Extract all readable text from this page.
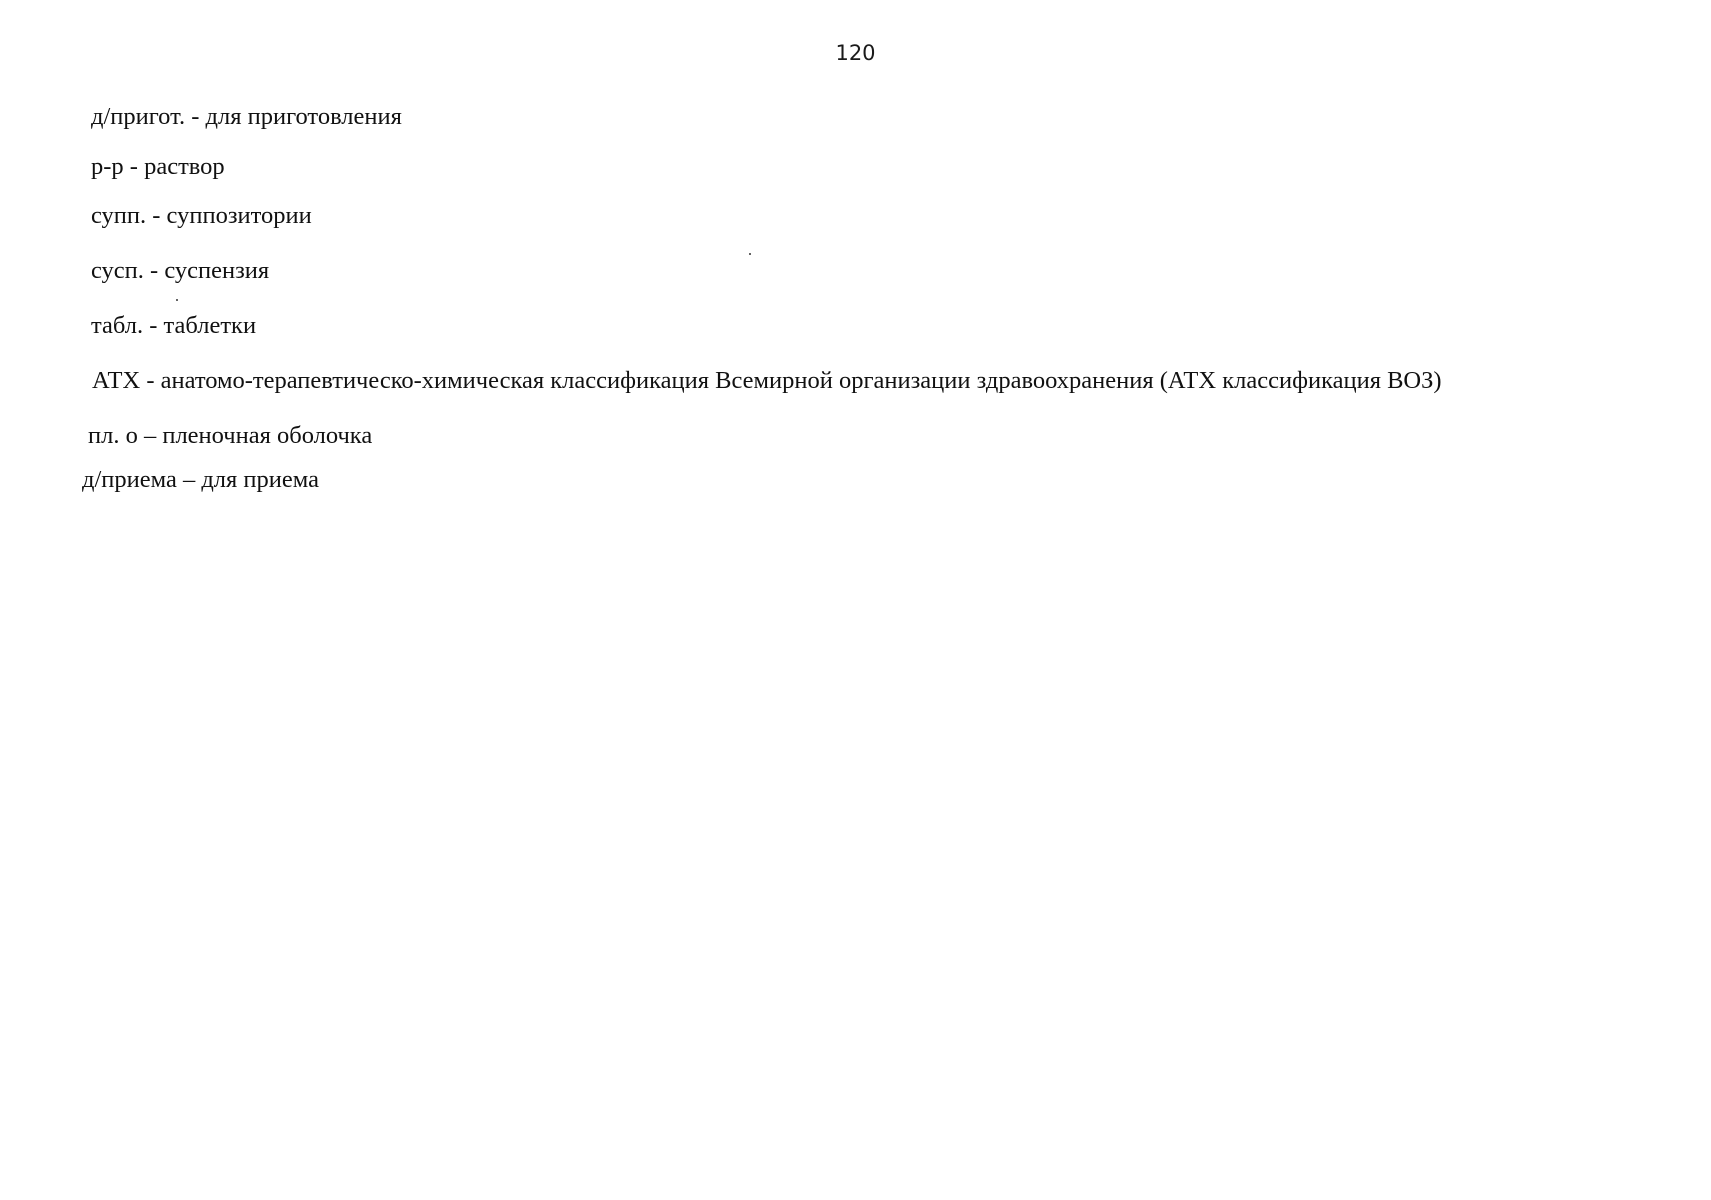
120
д/пригот. - для приготовления
р-р - раствор
супп. - суппозитории
сусп. - суспензия
табл. - таблетки
АТХ - анатомо-терапевтическо-химическая классификация Всемирной организации здравоохранения (АТХ классификация ВОЗ)
пл. о – пленочная оболочка
д/приема – для приема
